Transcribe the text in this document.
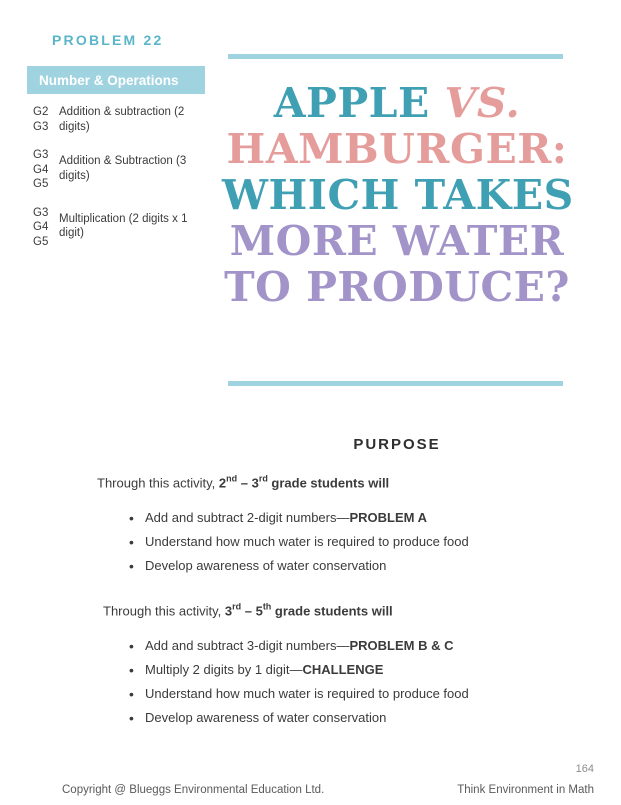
PROBLEM 22
Number & Operations
G2
G3
Addition & subtraction (2 digits)
G3
G4
G5
Addition & Subtraction (3 digits)
G3
G4
G5
Multiplication (2 digits x 1 digit)
APPLE VS.
HAMBURGER:
WHICH TAKES
MORE WATER
TO PRODUCE?
PURPOSE
Through this activity, 2nd – 3rd grade students will
• Add and subtract 2-digit numbers—PROBLEM A
• Understand how much water is required to produce food
• Develop awareness of water conservation
Through this activity, 3rd – 5th grade students will
• Add and subtract 3-digit numbers—PROBLEM B & C
• Multiply 2 digits by 1 digit—CHALLENGE
• Understand how much water is required to produce food
• Develop awareness of water conservation
164
Copyright @ Blueggs Environmental Education Ltd.	Think Environment in Math
